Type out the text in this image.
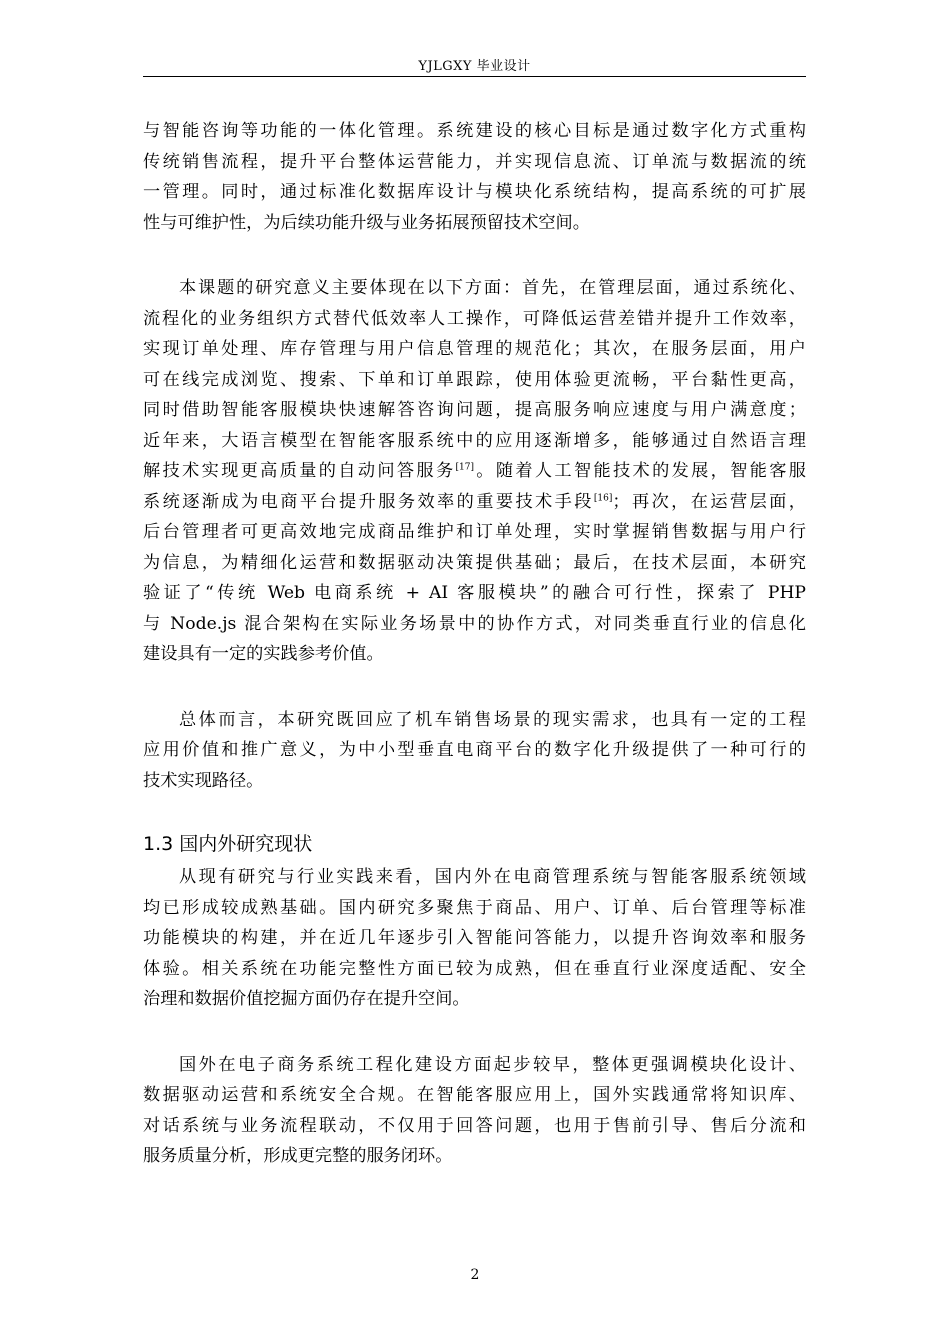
YJLGXY 毕业设计

与智能咨询等功能的一体化管理。系统建设的核心目标是通过数字化方式重构
传统销售流程，提升平台整体运营能力，并实现信息流、订单流与数据流的统
一管理。同时，通过标准化数据库设计与模块化系统结构，提高系统的可扩展
性与可维护性，为后续功能升级与业务拓展预留技术空间。

本课题的研究意义主要体现在以下方面：首先，在管理层面，通过系统化、
流程化的业务组织方式替代低效率人工操作，可降低运营差错并提升工作效率，
实现订单处理、库存管理与用户信息管理的规范化；其次，在服务层面，用户
可在线完成浏览、搜索、下单和订单跟踪，使用体验更流畅，平台黏性更高，
同时借助智能客服模块快速解答咨询问题，提高服务响应速度与用户满意度；
近年来，大语言模型在智能客服系统中的应用逐渐增多，能够通过自然语言理
解技术实现更高质量的自动问答服务[17]。随着人工智能技术的发展，智能客服
系统逐渐成为电商平台提升服务效率的重要技术手段[16]；再次，在运营层面，
后台管理者可更高效地完成商品维护和订单处理，实时掌握销售数据与用户行
为信息，为精细化运营和数据驱动决策提供基础；最后，在技术层面，本研究
验证了“传统 Web 电商系统 + AI 客服模块”的融合可行性，探索了 PHP
与 Node.js 混合架构在实际业务场景中的协作方式，对同类垂直行业的信息化
建设具有一定的实践参考价值。

总体而言，本研究既回应了机车销售场景的现实需求，也具有一定的工程
应用价值和推广意义，为中小型垂直电商平台的数字化升级提供了一种可行的
技术实现路径。

1.3 国内外研究现状

从现有研究与行业实践来看，国内外在电商管理系统与智能客服系统领域
均已形成较成熟基础。国内研究多聚焦于商品、用户、订单、后台管理等标准
功能模块的构建，并在近几年逐步引入智能问答能力，以提升咨询效率和服务
体验。相关系统在功能完整性方面已较为成熟，但在垂直行业深度适配、安全
治理和数据价值挖掘方面仍存在提升空间。

国外在电子商务系统工程化建设方面起步较早，整体更强调模块化设计、
数据驱动运营和系统安全合规。在智能客服应用上，国外实践通常将知识库、
对话系统与业务流程联动，不仅用于回答问题，也用于售前引导、售后分流和
服务质量分析，形成更完整的服务闭环。

2
